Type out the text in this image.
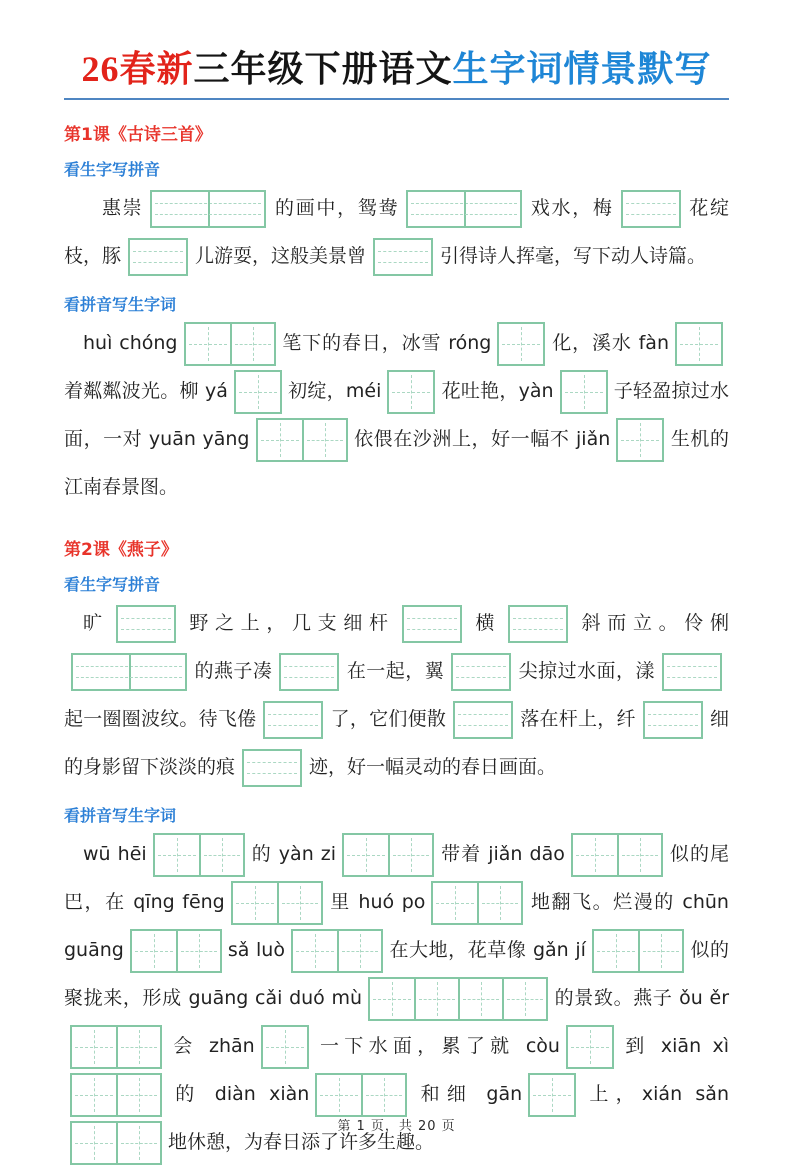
26春新三年级下册语文生字词情景默写
第1课《古诗三首》
看生字写拼音

惠崇	的画中，鸳鸯	戏水，梅	花绽枝，豚	儿游耍，这般美景曾	引得诗人挥毫，写下动人诗篇。

看拼音写生字词

huì chóng	笔下的春日，冰雪 róng	化，溪水 fàn
着粼粼波光。柳 yá	初绽，méi	花吐艳，yàn	子轻盈掠过水面，一对 yuān yāng	依偎在沙洲上，好一幅不 jiǎn	生机的江南春景图。

第2课《燕子》
看生字写拼音

旷	野之上，几支细杆	横	斜而立。伶俐
的燕子凑	在一起，翼	尖掠过水面，漾
起一圈圈波纹。待飞倦	了，它们便散	落在杆上，纤	细的身影留下淡淡的痕	迹，好一幅灵动的春日画面。

看拼音写生字词

wū hēi	的 yàn zi	带着 jiǎn dāo	似的尾巴，在 qīng fēng	里 huó po	地翻飞。烂漫的 chūn guāng	sǎ luò	在大地，花草像 gǎn jí	似的聚拢来，形成 guāng cǎi duó mù	的景致。燕子 ǒu ěr
会 zhān	一下水面，累了就 còu	到 xiān xì
的 diàn xiàn	和细 gān	上，xián sǎn
地休憩，为春日添了许多生趣。

第 1 页，共 20 页
